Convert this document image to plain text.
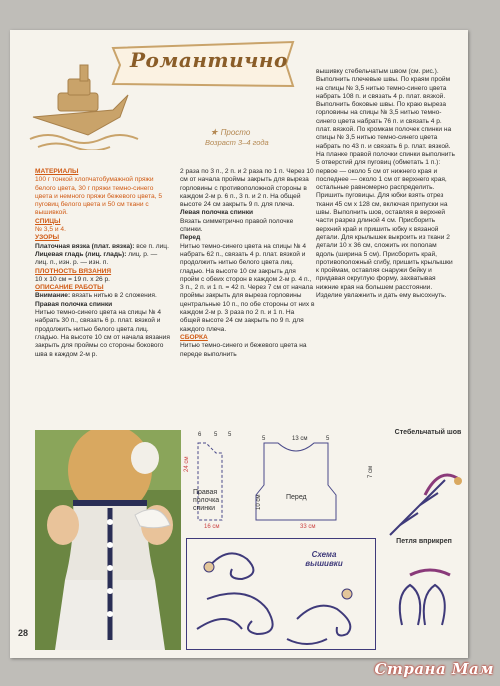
Романтично
★ Просто
Возраст 3–4 года

МАТЕРИАЛЫ

100 г тонкой хлопчатобумажной пряжи белого цвета, 30 г пряжи темно-синего цвета и немного пряжи бежевого цвета, 5 пуговиц белого цвета и 50 см ткани с вышивкой.

СПИЦЫ

№ 3,5 и 4.

УЗОРЫ

Платочная вязка (плат. вязка): все п. лиц.

Лицевая гладь (лиц. гладь): лиц. р. — лиц. п., изн. р. — изн. п.

ПЛОТНОСТЬ ВЯЗАНИЯ

10 х 10 см = 19 п. х 26 р.

ОПИСАНИЕ РАБОТЫ

Внимание: вязать нитью в 2 сложения.

Правая полочка спинки

Нитью темно-синего цвета на спицы № 4 набрать 30 п., связать 6 р. плат. вязкой и продолжить нитью белого цвета лиц. гладью. На высоте 10 см от начала вязания закрыть для проймы со стороны бокового шва в каждом 2-м р.

2 раза по 3 п., 2 п. и 2 раза по 1 п. Через 10 см от начала проймы закрыть для выреза горловины с противоположной стороны в каждом 2-м р. 6 п., 3 п. и 2 п. На общей высоте 24 см закрыть 9 п. для плеча.

Левая полочка спинки

Вязать симметрично правой полочке спинки.

Перед

Нитью темно-синего цвета на спицы № 4 набрать 62 п., связать 4 р. плат. вязкой и продолжить нитью белого цвета лиц. гладью. На высоте 10 см закрыть для пройм с обеих сторон в каждом 2-м р. 4 п., 3 п., 2 п. и 1 п. = 42 п. Через 7 см от начала проймы закрыть для выреза горловины центральные 10 п., по обе стороны от них в каждом 2-м р. 3 раза по 2 п. и 1 п. На общей высоте 24 см закрыть по 9 п. для каждого плеча.

СБОРКА

Нитью темно-синего и бежевого цвета на переде выполнить

вышивку стебельчатым швом (см. рис.). Выполнить плечевые швы. По краям пройм на спицы № 3,5 нитью темно-синего цвета набрать 108 п. и связать 4 р. плат. вязкой. Выполнить боковые швы. По краю выреза горловины на спицы № 3,5 нитью темно-синего цвета набрать 76 п. и связать 4 р. плат. вязкой. По кромкам полочек спинки на спицы № 3,5 нитью темно-синего цвета набрать по 43 п. и связать 6 р. плат. вязкой. На планке правой полочки спинки выполнить 5 отверстий для пуговиц (обметать 1 п.): первое — около 5 см от нижнего края и последнее — около 1 см от верхнего края, остальные равномерно распределить. Пришить пуговицы. Для юбки взять отрез ткани 45 см х 128 см, включая припуски на швы. Выполнить шов, оставляя в верхней части разрез длиной 4 см. Присборить верхний край и пришить юбку к вязаной детали. Для крылышек выкроить из ткани 2 детали 10 х 36 см, сложить их пополам вдоль (ширина 5 см). Присборить край, противоположный сгибу, пришить крылышки к проймам, оставляя снаружи бейку и придавая округлую форму, захватывая нижние края на большем расстоянии. Изделие увлажнить и дать ему высохнуть.

28
Правая полочка спинки
Перед
6 5 5
5	13 см	5
24 см
10 см
7 см
16 см	33 см
Схема вышивки
Стебельчатый шов
Петля вприкреп
Страна Мам
